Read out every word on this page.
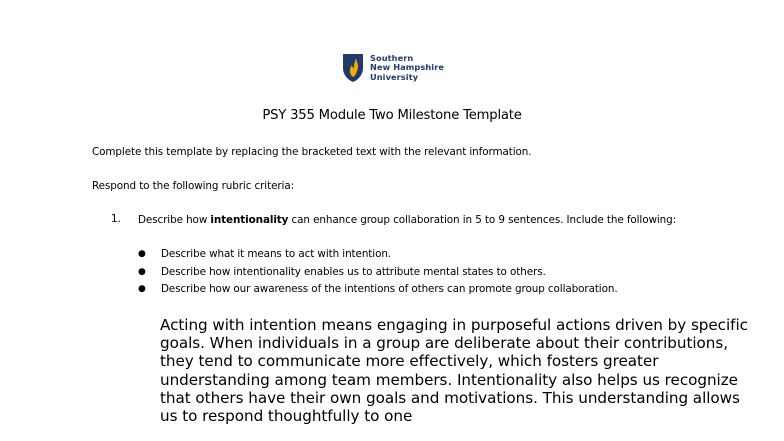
Southern
New Hampshire
University
PSY 355 Module Two Milestone Template
Complete this template by replacing the bracketed text with the relevant information.
Respond to the following rubric criteria:
1. Describe how intentionality can enhance group collaboration in 5 to 9 sentences. Include the following:
● Describe what it means to act with intention.
● Describe how intentionality enables us to attribute mental states to others.
● Describe how our awareness of the intentions of others can promote group collaboration.
Acting with intention means engaging in purposeful actions driven by specific goals. When individuals in a group are deliberate about their contributions, they tend to communicate more effectively, which fosters greater understanding among team members. Intentionality also helps us recognize that others have their own goals and motivations. This understanding allows us to respond thoughtfully to one
